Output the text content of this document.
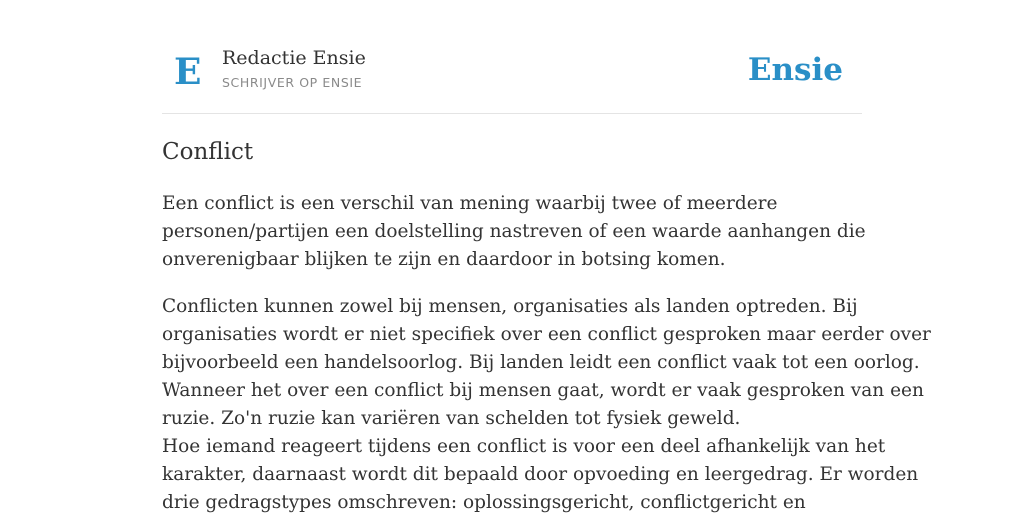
E Redactie Ensie
SCHRIJVER OP ENSIE	Ensie
Conflict

Een conflict is een verschil van mening waarbij twee of meerdere
personen/partijen een doelstelling nastreven of een waarde aanhangen die
onverenigbaar blijken te zijn en daardoor in botsing komen.

Conflicten kunnen zowel bij mensen, organisaties als landen optreden. Bij
organisaties wordt er niet specifiek over een conflict gesproken maar eerder over
bijvoorbeeld een handelsoorlog. Bij landen leidt een conflict vaak tot een oorlog.
Wanneer het over een conflict bij mensen gaat, wordt er vaak gesproken van een
ruzie. Zo'n ruzie kan variëren van schelden tot fysiek geweld.
Hoe iemand reageert tijdens een conflict is voor een deel afhankelijk van het
karakter, daarnaast wordt dit bepaald door opvoeding en leergedrag. Er worden
drie gedragstypes omschreven: oplossingsgericht, conflictgericht en
